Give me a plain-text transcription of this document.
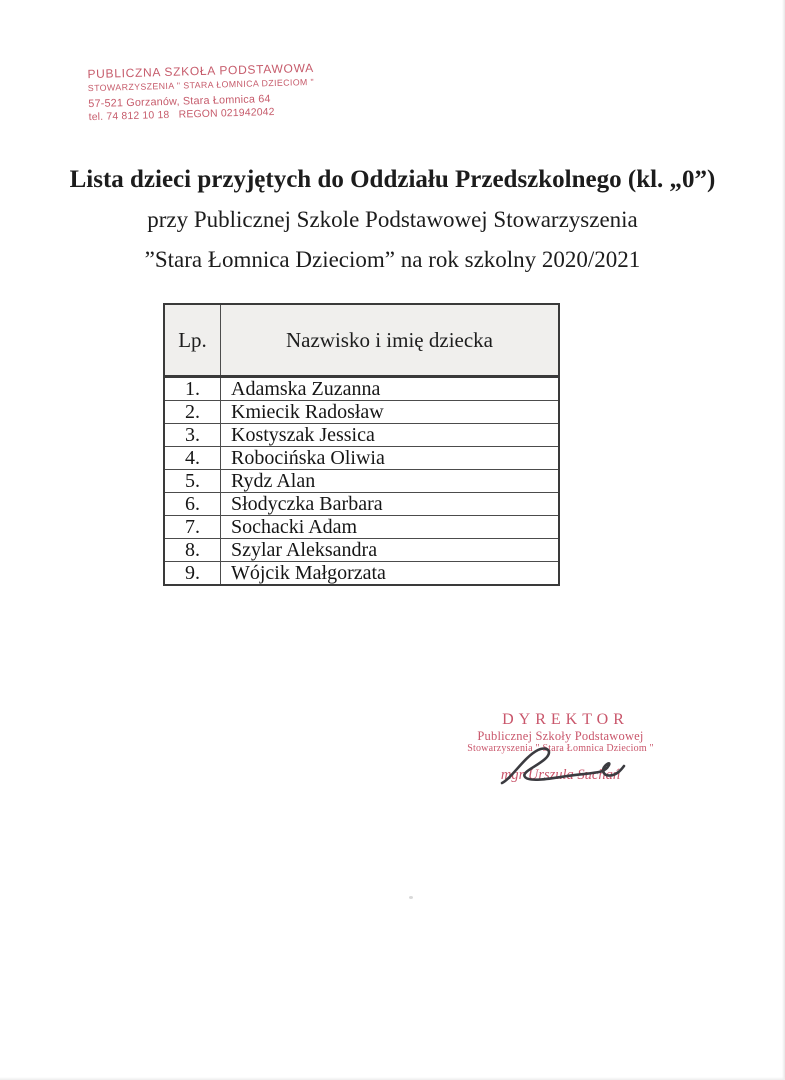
PUBLICZNA SZKOŁA PODSTAWOWA
STOWARZYSZENIA " STARA ŁOMNICA DZIECIOM "
57-521 Gorzanów, Stara Łomnica 64
tel. 74 812 10 18   REGON 021942042
Lista dzieci przyjętych do Oddziału Przedszkolnego (kl. „0”)
przy Publicznej Szkole Podstawowej Stowarzyszenia
”Stara Łomnica Dzieciom” na rok szkolny 2020/2021
Lp.	Nazwisko i imię dziecka
1.	Adamska Zuzanna
2.	Kmiecik Radosław
3.	Kostyszak Jessica
4.	Robocińska Oliwia
5.	Rydz Alan
6.	Słodyczka Barbara
7.	Sochacki Adam
8.	Szylar Aleksandra
9.	Wójcik Małgorzata
DYREKTOR
Publicznej Szkoły Podstawowej
Stowarzyszenia " Stara Łomnica Dzieciom "
mgr Urszula Suchań
